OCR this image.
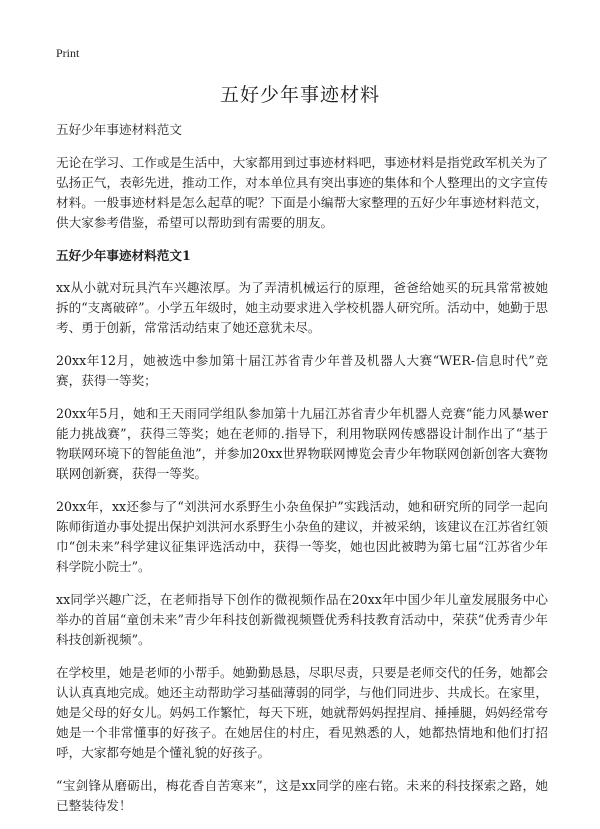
Print
五好少年事迹材料

五好少年事迹材料范文

无论在学习、工作或是生活中，大家都用到过事迹材料吧，事迹材料是指党政军机关为了弘扬正气，表彰先进，推动工作，对本单位具有突出事迹的集体和个人整理出的文字宣传材料。一般事迹材料是怎么起草的呢？下面是小编帮大家整理的五好少年事迹材料范文，供大家参考借鉴，希望可以帮助到有需要的朋友。

五好少年事迹材料范文1

xx从小就对玩具汽车兴趣浓厚。为了弄清机械运行的原理，爸爸给她买的玩具常常被她拆的“支离破碎”。小学五年级时，她主动要求进入学校机器人研究所。活动中，她勤于思考、勇于创新，常常活动结束了她还意犹未尽。

20xx年12月，她被选中参加第十届江苏省青少年普及机器人大赛“WER-信息时代”竞赛，获得一等奖；

20xx年5月，她和王天雨同学组队参加第十九届江苏省青少年机器人竞赛“能力风暴wer能力挑战赛”，获得三等奖；她在老师的.指导下，利用物联网传感器设计制作出了“基于物联网环境下的智能鱼池”，并参加20xx世界物联网博览会青少年物联网创新创客大赛物联网创新赛，获得一等奖。

20xx年，xx还参与了“刘洪河水系野生小杂鱼保护”实践活动，她和研究所的同学一起向陈师街道办事处提出保护刘洪河水系野生小杂鱼的建议，并被采纳，该建议在江苏省红领巾“创未来”科学建议征集评选活动中，获得一等奖，她也因此被聘为第七届“江苏省少年科学院小院士”。

xx同学兴趣广泛，在老师指导下创作的微视频作品在20xx年中国少年儿童发展服务中心举办的首届“童创未来”青少年科技创新微视频暨优秀科技教育活动中，荣获“优秀青少年科技创新视频”。

在学校里，她是老师的小帮手。她勤勤恳恳，尽职尽责，只要是老师交代的任务，她都会认认真真地完成。她还主动帮助学习基础薄弱的同学，与他们同进步、共成长。在家里，她是父母的好女儿。妈妈工作繁忙，每天下班，她就帮妈妈捏捏肩、捶捶腿，妈妈经常夸她是一个非常懂事的好孩子。在她居住的村庄，看见熟悉的人，她都热情地和他们打招呼，大家都夸她是个懂礼貌的好孩子。

“宝剑锋从磨砺出，梅花香自苦寒来”，这是xx同学的座右铭。未来的科技探索之路，她已整装待发！
